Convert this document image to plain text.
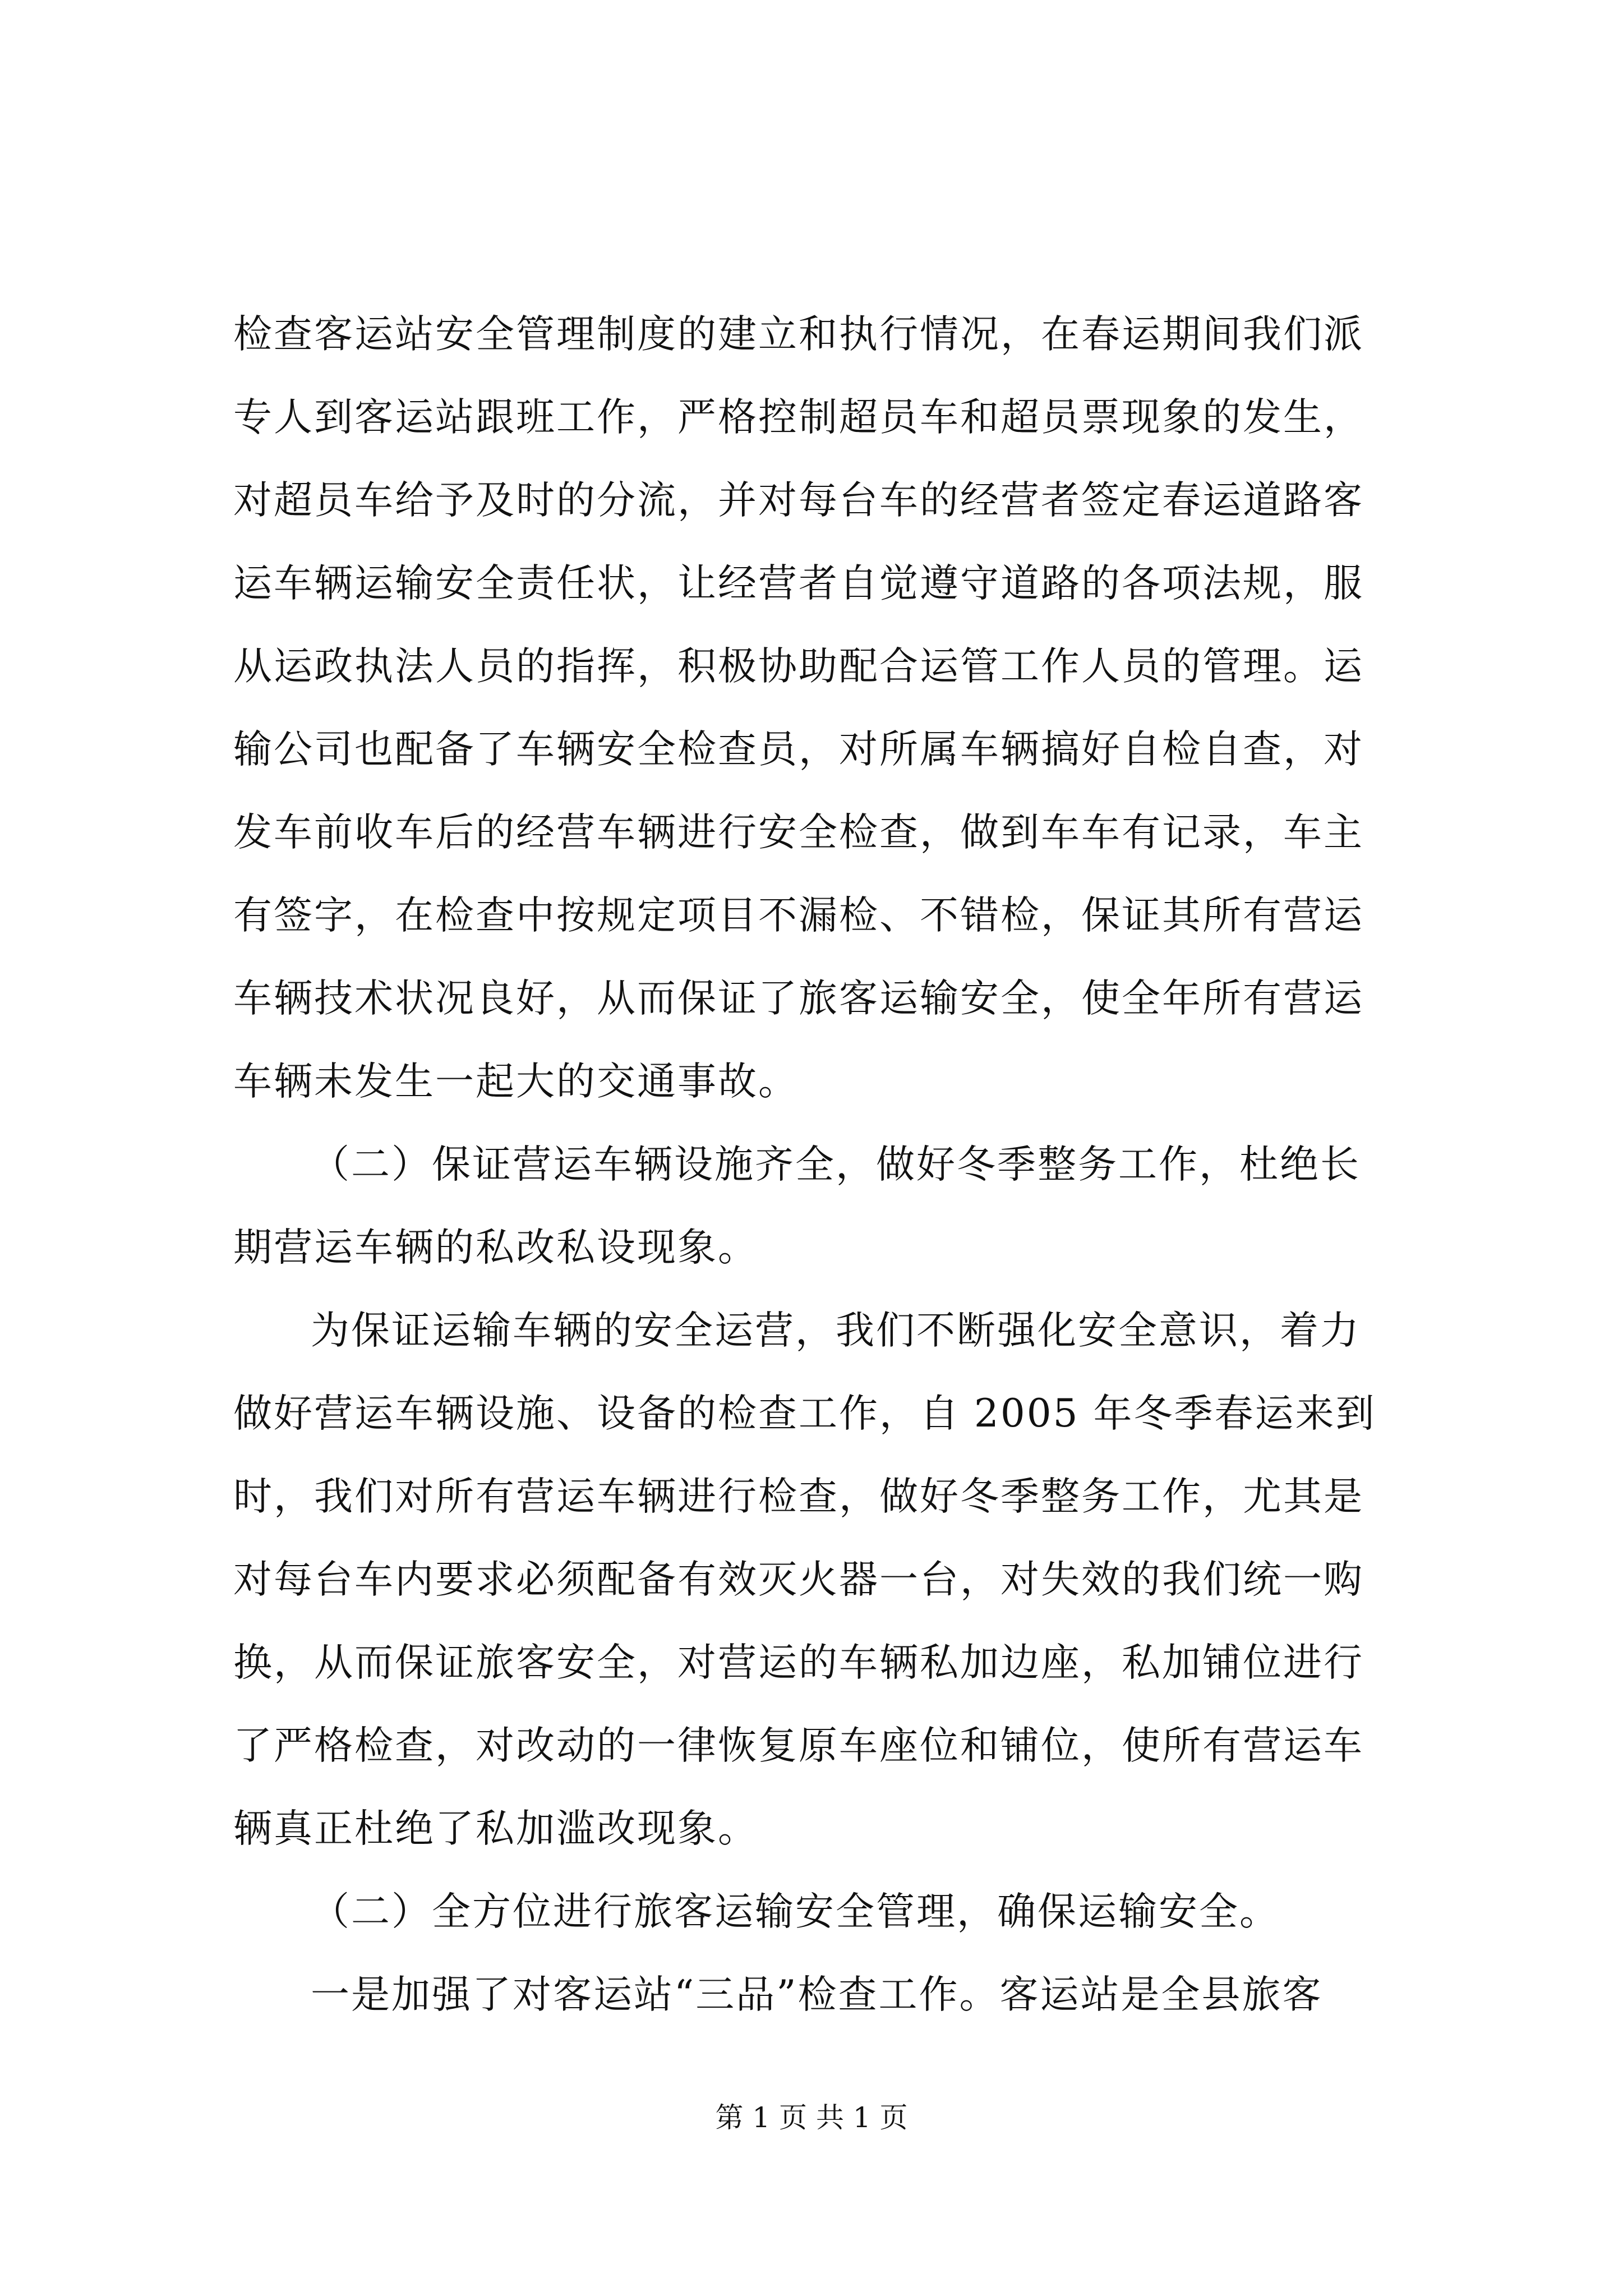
检查客运站安全管理制度的建立和执行情况，在春运期间我们派
专人到客运站跟班工作，严格控制超员车和超员票现象的发生，
对超员车给予及时的分流，并对每台车的经营者签定春运道路客
运车辆运输安全责任状，让经营者自觉遵守道路的各项法规，服
从运政执法人员的指挥，积极协助配合运管工作人员的管理。运
输公司也配备了车辆安全检查员，对所属车辆搞好自检自查，对
发车前收车后的经营车辆进行安全检查，做到车车有记录，车主
有签字，在检查中按规定项目不漏检、不错检，保证其所有营运
车辆技术状况良好，从而保证了旅客运输安全，使全年所有营运
车辆未发生一起大的交通事故。
（二）保证营运车辆设施齐全，做好冬季整务工作，杜绝长
期营运车辆的私改私设现象。
为保证运输车辆的安全运营，我们不断强化安全意识，着力
做好营运车辆设施、设备的检查工作，自 2005 年冬季春运来到
时，我们对所有营运车辆进行检查，做好冬季整务工作，尤其是
对每台车内要求必须配备有效灭火器一台，对失效的我们统一购
换，从而保证旅客安全，对营运的车辆私加边座，私加铺位进行
了严格检查，对改动的一律恢复原车座位和铺位，使所有营运车
辆真正杜绝了私加滥改现象。
（二）全方位进行旅客运输安全管理，确保运输安全。
一是加强了对客运站“三品”检查工作。客运站是全县旅客
第 1 页 共 1 页
